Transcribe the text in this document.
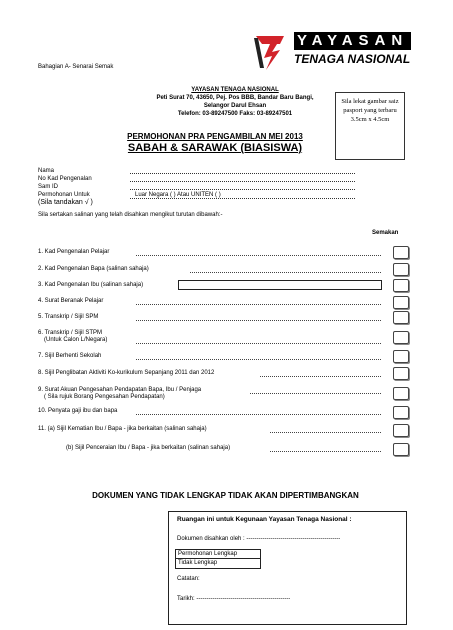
Bahagian A- Senarai Semak
YAYASAN
TENAGA NASIONAL
YAYASAN TENAGA NASIONAL
Peti Surat 70, 43650, Pej. Pos BBB, Bandar Baru Bangi,
Selangor Darul Ehsan
Telefon: 03-89247500 Faks: 03-89247501
Sila lekat gambar saiz pasport yang terbaru 3.5cm x 4.5cm
PERMOHONAN PRA PENGAMBILAN MEI 2013
SABAH & SARAWAK (BIASISWA)
Nama
No Kad Pengenalan
Sam ID
Permohonan Untuk	Luar Negara ( ) Atau UNITEN ( )
(Sila tandakan √ )
Sila sertakan salinan yang telah disahkan mengikut turutan dibawah:-
Semakan
1. Kad Pengenalan Pelajar
2. Kad Pengenalan Bapa (salinan sahaja)
3. Kad Pengenalan Ibu (salinan sahaja)
4. Surat Beranak Pelajar
5. Transkrip / Sijil SPM
6. Transkrip / Sijil STPM
(Untuk Calon L/Negara)
7. Sijil Berhenti Sekolah
8. Sijil Penglibatan Aktiviti Ko-kurikulum Sepanjang 2011 dan 2012
9. Surat Akuan Pengesahan Pendapatan Bapa, Ibu / Penjaga
( Sila rujuk Borang Pengesahan Pendapatan)
10. Penyata gaji ibu dan bapa
11. (a) Sijil Kematian Ibu / Bapa - jika berkaitan (salinan sahaja)
(b) Sijil Penceraian Ibu / Bapa - jika berkaitan (salinan sahaja)
DOKUMEN YANG TIDAK LENGKAP TIDAK AKAN DIPERTIMBANGKAN
Ruangan ini untuk Kegunaan Yayasan Tenaga Nasional :
Dokumen disahkan oleh : -----------------------------------------------
Permohonan Lengkap
Tidak Lengkap
Catatan:
Tarikh: -----------------------------------------------
